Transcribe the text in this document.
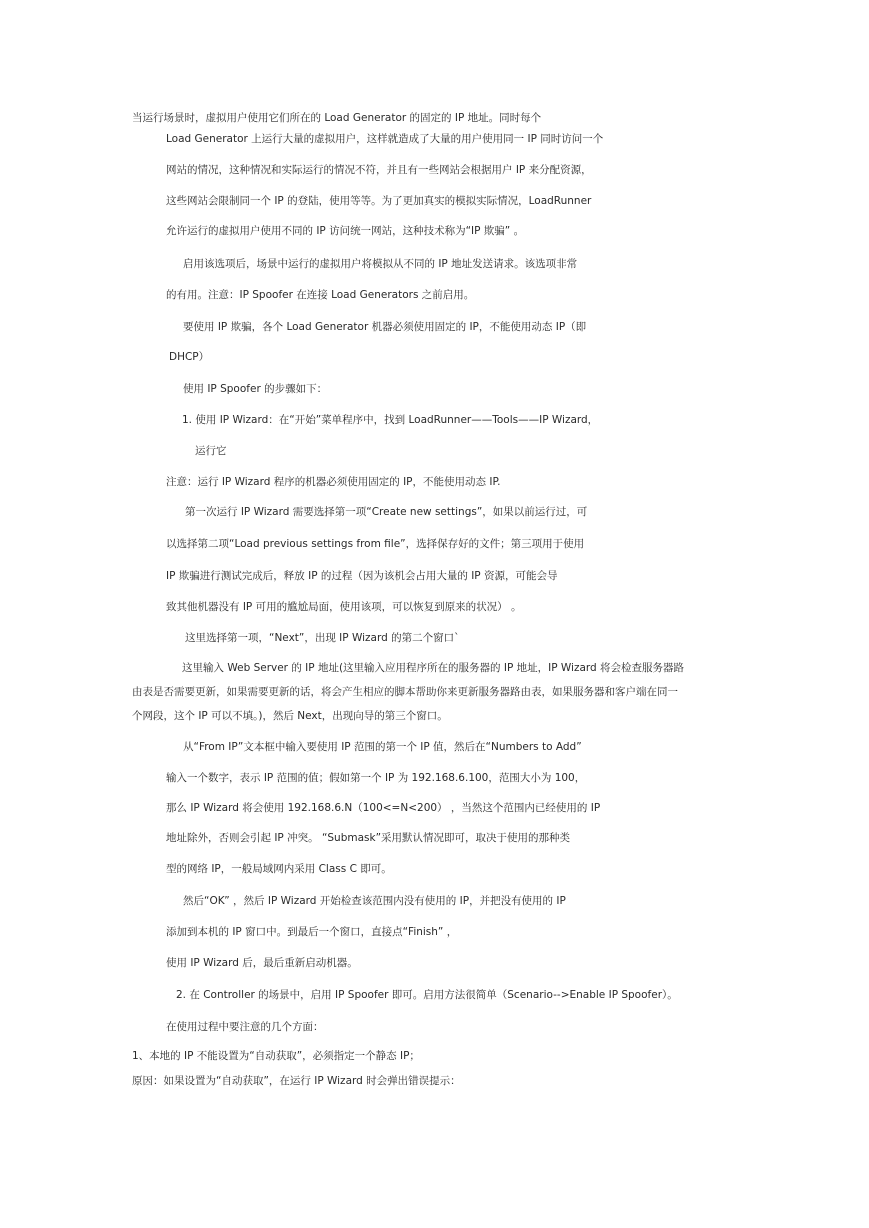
当运行场景时，虚拟用户使用它们所在的 Load Generator 的固定的 IP 地址。同时每个
Load Generator 上运行大量的虚拟用户，这样就造成了大量的用户使用同一 IP 同时访问一个
网站的情况，这种情况和实际运行的情况不符，并且有一些网站会根据用户 IP 来分配资源，
这些网站会限制同一个 IP 的登陆，使用等等。为了更加真实的模拟实际情况，LoadRunner
允许运行的虚拟用户使用不同的 IP 访问统一网站，这种技术称为“IP 欺骗” 。
启用该选项后，场景中运行的虚拟用户将模拟从不同的 IP 地址发送请求。该选项非常
的有用。注意：IP Spoofer 在连接 Load Generators 之前启用。
要使用 IP 欺骗，各个 Load Generator 机器必须使用固定的 IP，不能使用动态 IP（即
DHCP）
使用 IP Spoofer 的步骤如下：
1. 使用 IP Wizard：在“开始”菜单程序中，找到 LoadRunner——Tools——IP Wizard，
运行它
注意：运行 IP Wizard 程序的机器必须使用固定的 IP，不能使用动态 IP.
第一次运行 IP Wizard 需要选择第一项“Create new settings”，如果以前运行过，可
以选择第二项“Load previous settings from file”，选择保存好的文件；第三项用于使用
IP 欺骗进行测试完成后，释放 IP 的过程（因为该机会占用大量的 IP 资源，可能会导
致其他机器没有 IP 可用的尴尬局面，使用该项，可以恢复到原来的状况） 。
这里选择第一项，“Next”，出现 IP Wizard 的第二个窗口`
这里输入 Web Server 的 IP 地址(这里输入应用程序所在的服务器的 IP 地址，IP Wizard 将会检查服务器路
由表是否需要更新，如果需要更新的话，将会产生相应的脚本帮助你来更新服务器路由表，如果服务器和客户端在同一
个网段，这个 IP 可以不填。)，然后 Next，出现向导的第三个窗口。
从“From IP”文本框中输入要使用 IP 范围的第一个 IP 值，然后在“Numbers to Add”
输入一个数字，表示 IP 范围的值；假如第一个 IP 为 192.168.6.100，范围大小为 100，
那么 IP Wizard 将会使用 192.168.6.N（100<=N<200） ，当然这个范围内已经使用的 IP
地址除外，否则会引起 IP 冲突。 “Submask”采用默认情况即可，取决于使用的那种类
型的网络 IP，一般局域网内采用 Class C 即可。
然后“OK” ，然后 IP Wizard 开始检查该范围内没有使用的 IP，并把没有使用的 IP
添加到本机的 IP 窗口中。到最后一个窗口，直接点“Finish” ，
使用 IP Wizard 后，最后重新启动机器。
2. 在 Controller 的场景中，启用 IP Spoofer 即可。启用方法很简单（Scenario-->Enable IP Spoofer）。
在使用过程中要注意的几个方面：
1、本地的 IP 不能设置为“自动获取”，必须指定一个静态 IP；
原因：如果设置为“自动获取”，在运行 IP Wizard 时会弹出错误提示：
